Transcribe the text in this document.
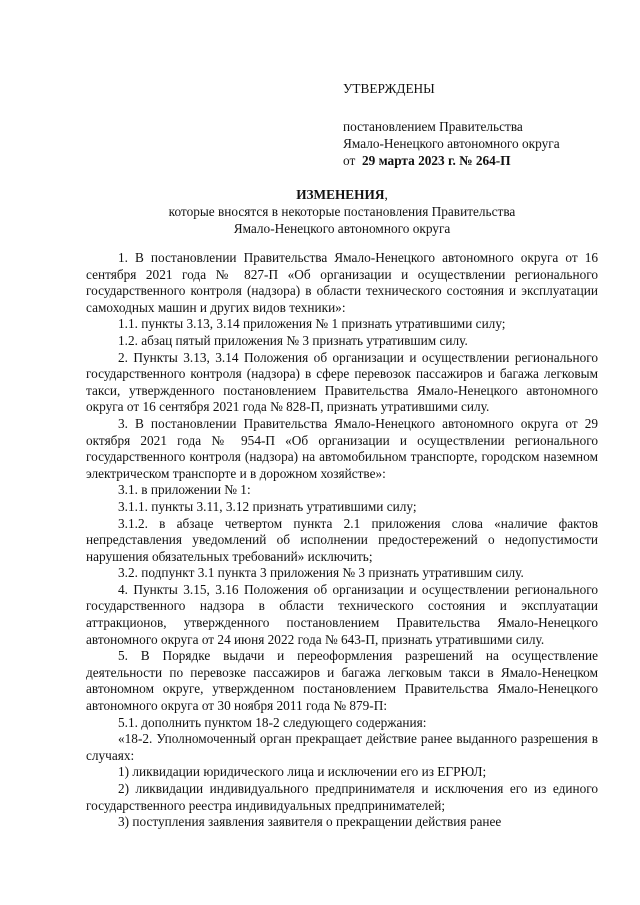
УТВЕРЖДЕНЫ
постановлением Правительства
Ямало-Ненецкого автономного округа
от 29 марта 2023 г. № 264-П
ИЗМЕНЕНИЯ,
которые вносятся в некоторые постановления Правительства
Ямало-Ненецкого автономного округа

1. В постановлении Правительства Ямало-Ненецкого автономного округа от 16 сентября 2021 года № 827-П «Об организации и осуществлении регионального государственного контроля (надзора) в области технического состояния и эксплуатации самоходных машин и других видов техники»:

1.1. пункты 3.13, 3.14 приложения № 1 признать утратившими силу;

1.2. абзац пятый приложения № 3 признать утратившим силу.

2. Пункты 3.13, 3.14 Положения об организации и осуществлении регионального государственного контроля (надзора) в сфере перевозок пассажиров и багажа легковым такси, утвержденного постановлением Правительства Ямало-Ненецкого автономного округа от 16 сентября 2021 года № 828-П, признать утратившими силу.

3. В постановлении Правительства Ямало-Ненецкого автономного округа от 29 октября 2021 года № 954-П «Об организации и осуществлении регионального государственного контроля (надзора) на автомобильном транспорте, городском наземном электрическом транспорте и в дорожном хозяйстве»:

3.1. в приложении № 1:

3.1.1. пункты 3.11, 3.12 признать утратившими силу;

3.1.2. в абзаце четвертом пункта 2.1 приложения слова «наличие фактов непредставления уведомлений об исполнении предостережений о недопустимости нарушения обязательных требований» исключить;

3.2. подпункт 3.1 пункта 3 приложения № 3 признать утратившим силу.

4. Пункты 3.15, 3.16 Положения об организации и осуществлении регионального государственного надзора в области технического состояния и эксплуатации аттракционов, утвержденного постановлением Правительства Ямало-Ненецкого автономного округа от 24 июня 2022 года № 643-П, признать утратившими силу.

5. В Порядке выдачи и переоформления разрешений на осуществление деятельности по перевозке пассажиров и багажа легковым такси в Ямало-Ненецком автономном округе, утвержденном постановлением Правительства Ямало-Ненецкого автономного округа от 30 ноября 2011 года № 879-П:

5.1. дополнить пунктом 18-2 следующего содержания:

«18-2. Уполномоченный орган прекращает действие ранее выданного разрешения в случаях:

1) ликвидации юридического лица и исключении его из ЕГРЮЛ;

2) ликвидации индивидуального предпринимателя и исключения его из единого государственного реестра индивидуальных предпринимателей;

3) поступления заявления заявителя о прекращении действия ранее
